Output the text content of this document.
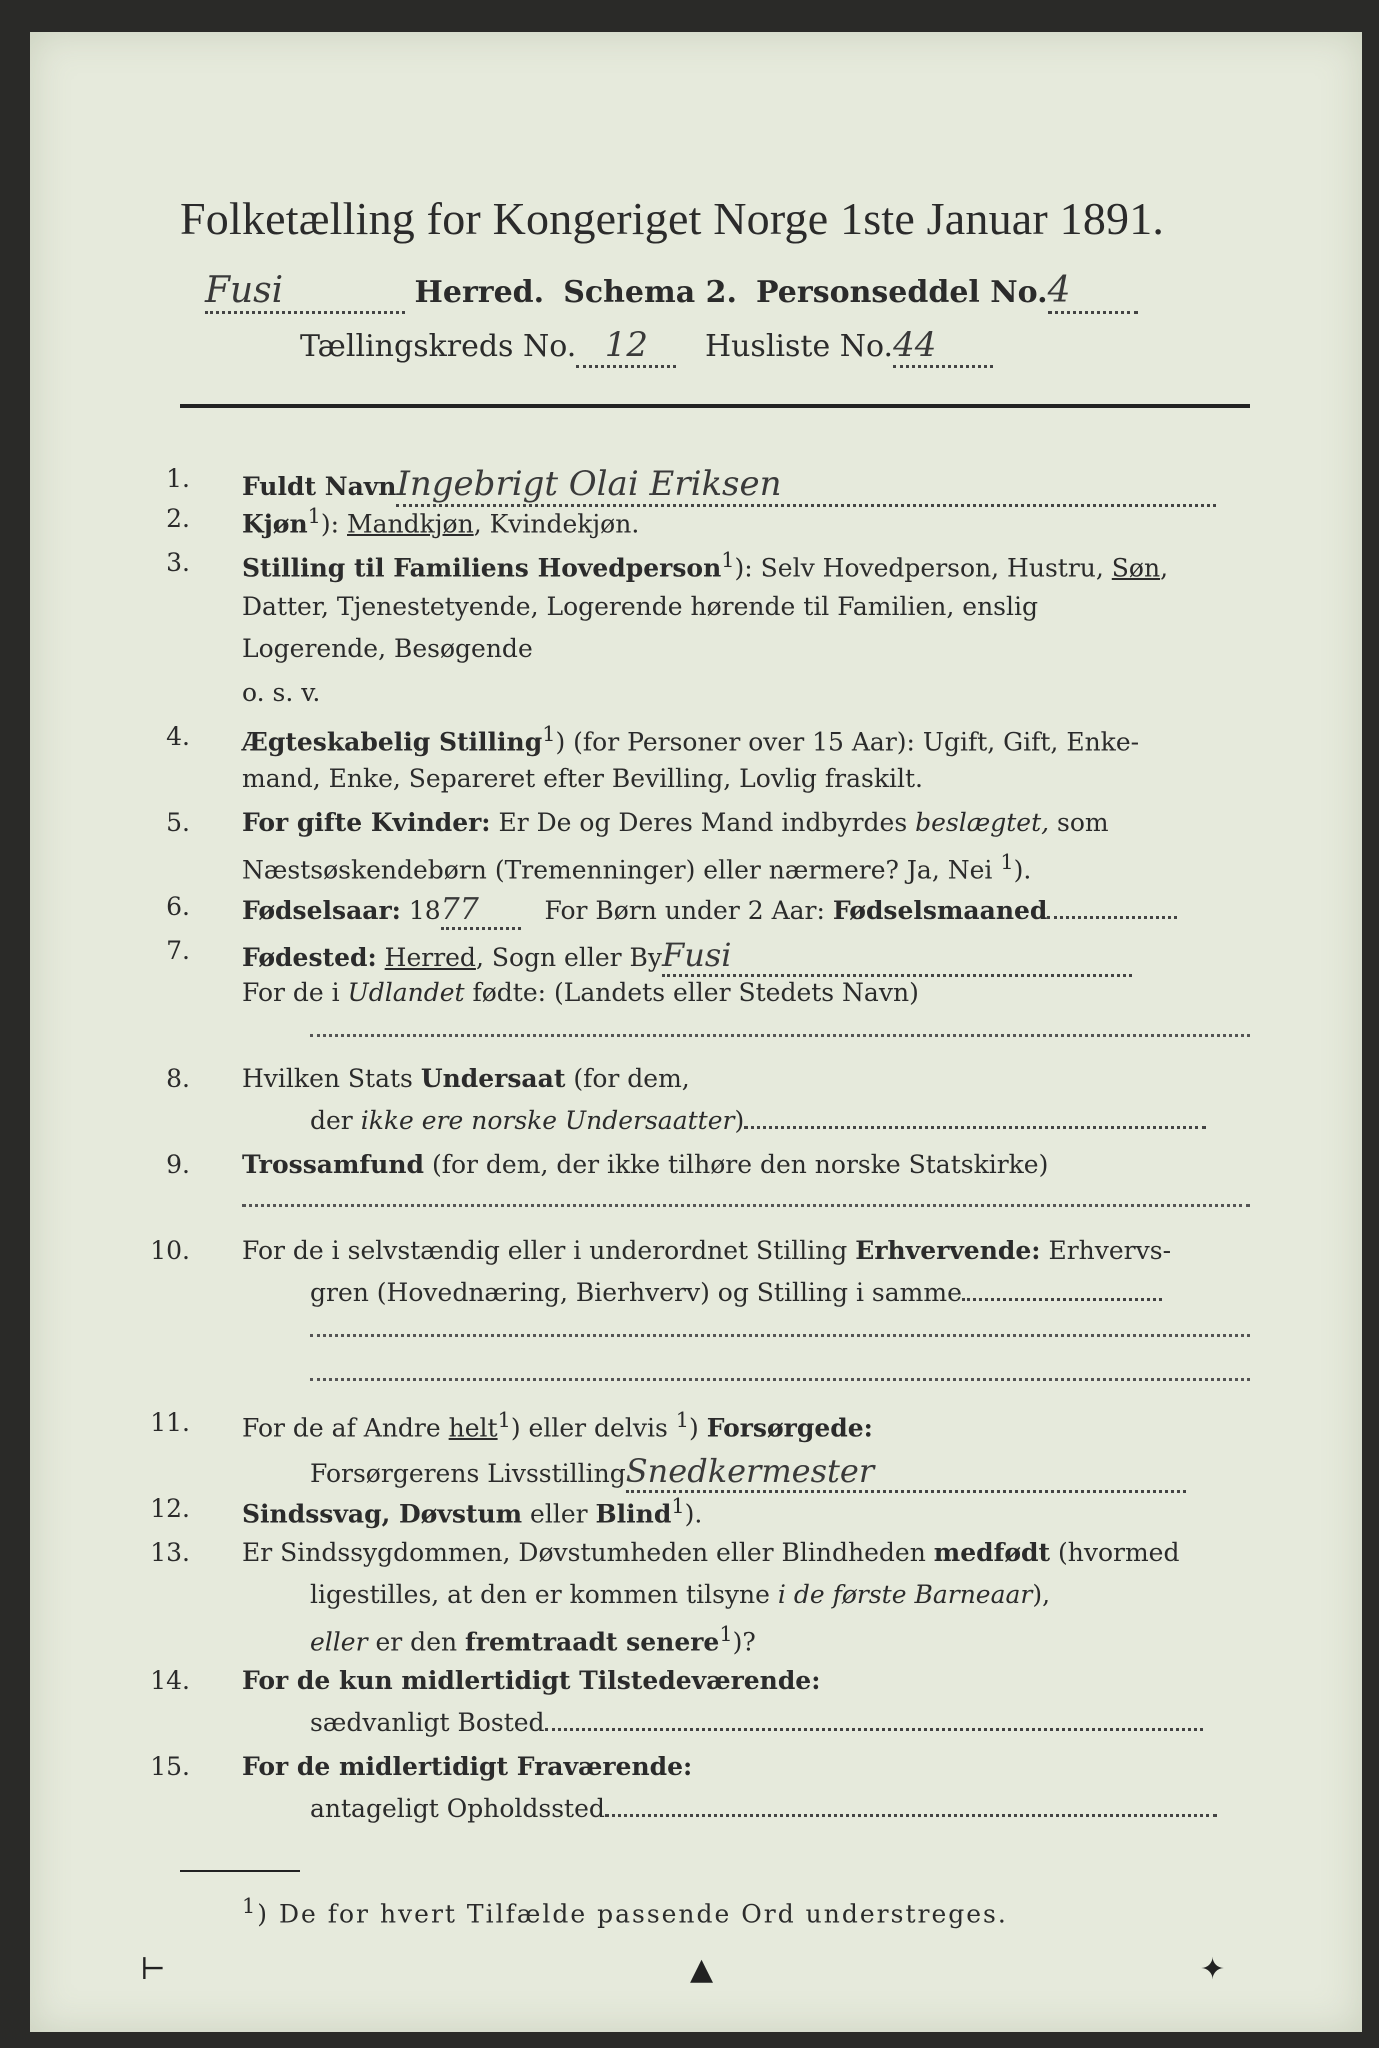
Folketælling for Kongeriget Norge 1ste Januar 1891.
Fusi	Herred. Schema 2. Personseddel No.4
Tællingskreds No. 12 Husliste No.44
1. Fuldt NavnIngebrigt Olai Eriksen
2. Kjøn$^1$): Mandkjøn, Kvindekjøn.
3. Stilling til Familiens Hovedperson$^1$): Selv Hovedperson, Hustru, Søn,
Datter, Tjenestetyende, Logerende hørende til Familien, enslig
Logerende, Besøgende
o. s. v.
4. Ægteskabelig Stilling$^1$) (for Personer over 15 Aar): Ugift, Gift, Enke-
mand, Enke, Separeret efter Bevilling, Lovlig fraskilt.
5. For gifte Kvinder: Er De og Deres Mand indbyrdes beslægtet, som
Næstsøskendebørn (Tremenninger) eller nærmere? Ja, Nei $^1$).
6. Fødselsaar: 1877	For Børn under 2 Aar: Fødselsmaaned
7. Fødested: Herred, Sogn eller ByFusi
For de i Udlandet fødte: (Landets eller Stedets Navn)
8. Hvilken Stats Undersaat (for dem,
der ikke ere norske Undersaatter)
9. Trossamfund (for dem, der ikke tilhøre den norske Statskirke)
10. For de i selvstændig eller i underordnet Stilling Erhvervende: Erhvervs-
gren (Hovednæring, Bierhverv) og Stilling i samme
11. For de af Andre helt$^1$) eller delvis $^1$) Forsørgede:
Forsørgerens LivsstillingSnedkermester
12. Sindssvag, Døvstum eller Blind$^1$).
13. Er Sindssygdommen, Døvstumheden eller Blindheden medfødt (hvormed
ligestilles, at den er kommen tilsyne i de første Barneaar),
eller er den fremtraadt senere$^1$)?
14. For de kun midlertidigt Tilstedeværende:
sædvanligt Bosted
15. For de midlertidigt Fraværende:
antageligt Opholdssted
$^1$) De for hvert Tilfælde passende Ord understreges.
⊢	▲	✦
